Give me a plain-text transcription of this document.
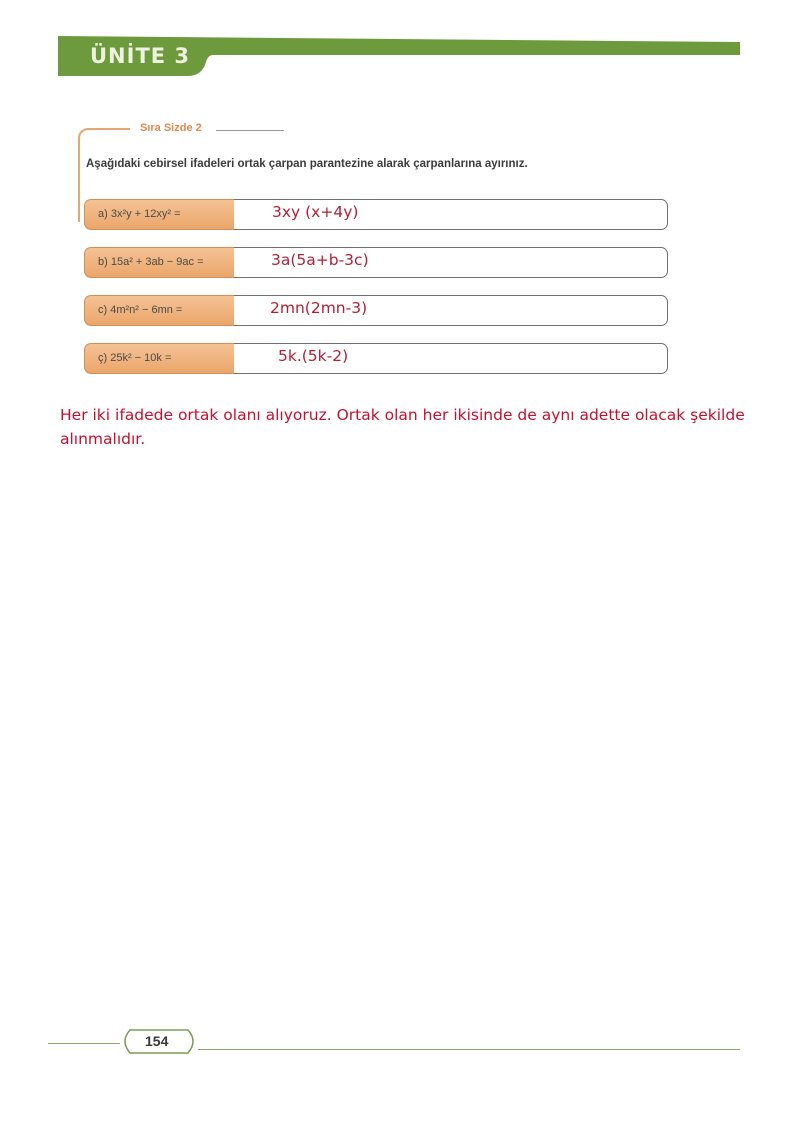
ÜNİTE 3
Sıra Sizde 2
Aşağıdaki cebirsel ifadeleri ortak çarpan parantezine alarak çarpanlarına ayırınız.
a) 3x²y + 12xy² =	3xy (x+4y)
b) 15a² + 3ab − 9ac =	3a(5a+b-3c)
c) 4m²n² − 6mn =	2mn(2mn-3)
ç) 25k² − 10k =	5k.(5k-2)
Her iki ifadede ortak olanı alıyoruz. Ortak olan her ikisinde de aynı adette olacak şekilde alınmalıdır.
154
